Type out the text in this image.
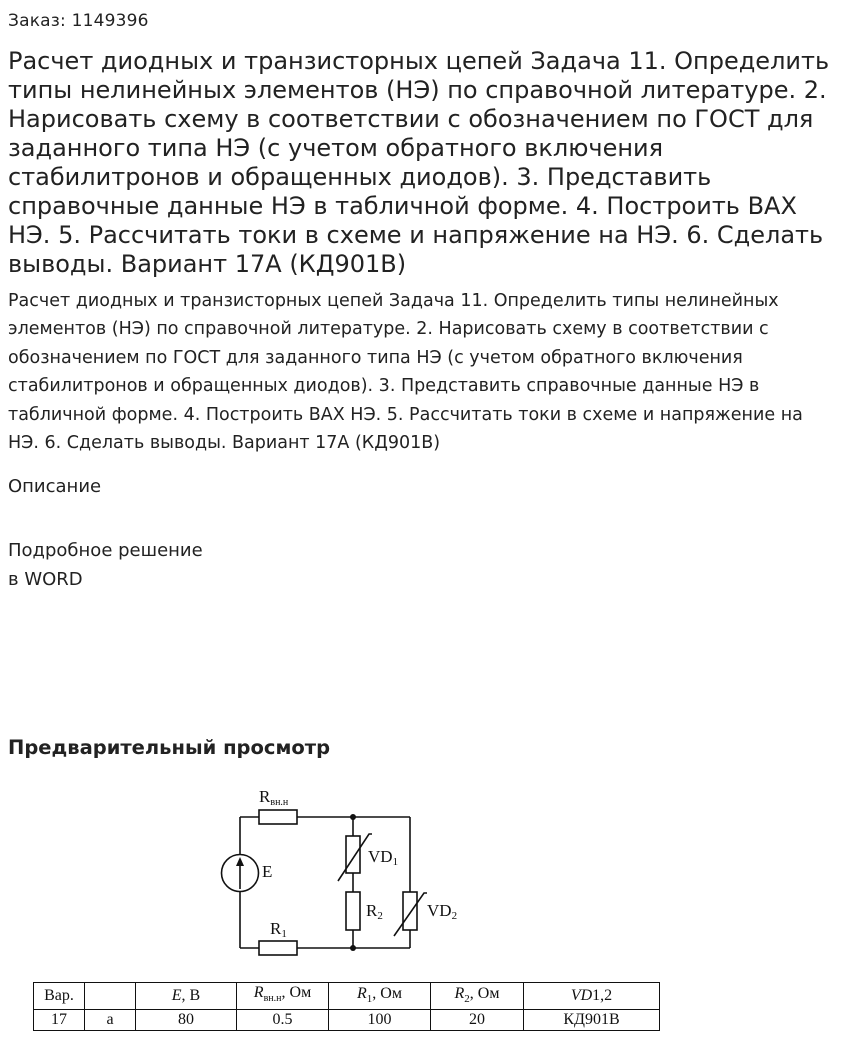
Заказ: 1149396
Расчет диодных и транзисторных цепей Задача 11. Определить типы нелинейных элементов (НЭ) по справочной литературе. 2. Нарисовать схему в соответствии с обозначением по ГОСТ для заданного типа НЭ (с учетом обратного включения стабилитронов и обращенных диодов). 3. Представить справочные данные НЭ в табличной форме. 4. Построить ВАХ НЭ. 5. Рассчитать токи в схеме и напряжение на НЭ. 6. Сделать выводы. Вариант 17А (КД901В)

Расчет диодных и транзисторных цепей Задача 11. Определить типы нелинейных элементов (НЭ) по справочной литературе. 2. Нарисовать схему в соответствии с обозначением по ГОСТ для заданного типа НЭ (с учетом обратного включения стабилитронов и обращенных диодов). 3. Представить справочные данные НЭ в табличной форме. 4. Построить ВАХ НЭ. 5. Рассчитать токи в схеме и напряжение на НЭ. 6. Сделать выводы. Вариант 17А (КД901В)

Описание
Подробное решение
в WORD
Предварительный просмотр
Rвн.н
E
VD1
R2	VD2
R1
Вар.		E, В	$R_{вн.н}$, Ом	$R_1$, Ом	$R_2$, Ом	VD1,2
17	а	80	0.5	100	20	КД901В
